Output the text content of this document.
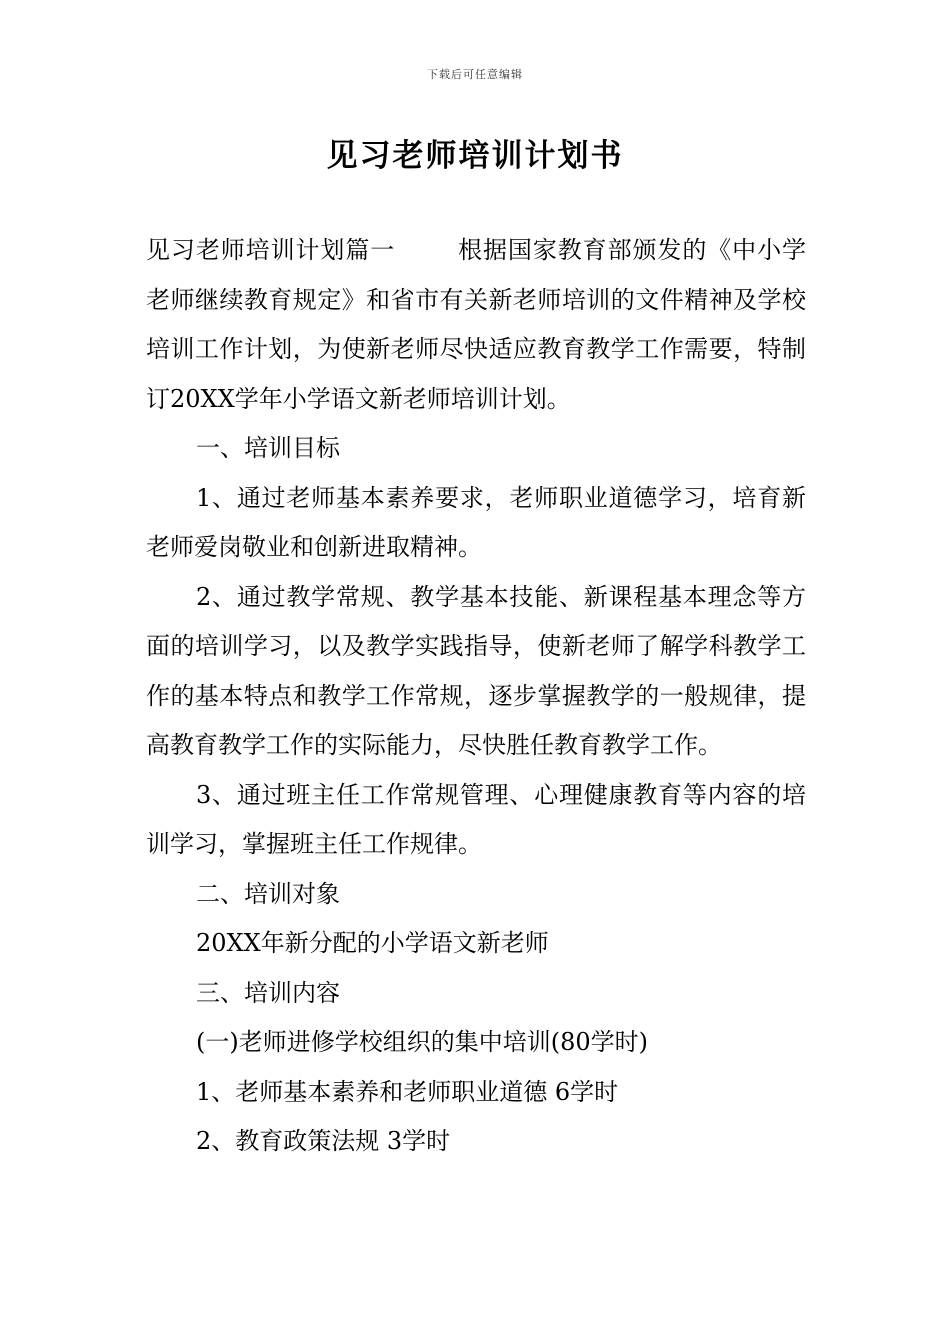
下载后可任意编辑
见习老师培训计划书

见习老师培训计划篇一	根据国家教育部颁发的《中小学老师继续教育规定》和省市有关新老师培训的文件精神及学校培训工作计划，为使新老师尽快适应教育教学工作需要，特制订20XX学年小学语文新老师培训计划。

一、培训目标

1、通过老师基本素养要求，老师职业道德学习，培育新老师爱岗敬业和创新进取精神。

2、通过教学常规、教学基本技能、新课程基本理念等方面的培训学习，以及教学实践指导，使新老师了解学科教学工作的基本特点和教学工作常规，逐步掌握教学的一般规律，提高教育教学工作的实际能力，尽快胜任教育教学工作。

3、通过班主任工作常规管理、心理健康教育等内容的培训学习，掌握班主任工作规律。

二、培训对象

20XX年新分配的小学语文新老师

三、培训内容

(一)老师进修学校组织的集中培训(80学时)

1、老师基本素养和老师职业道德 6学时

2、教育政策法规 3学时
